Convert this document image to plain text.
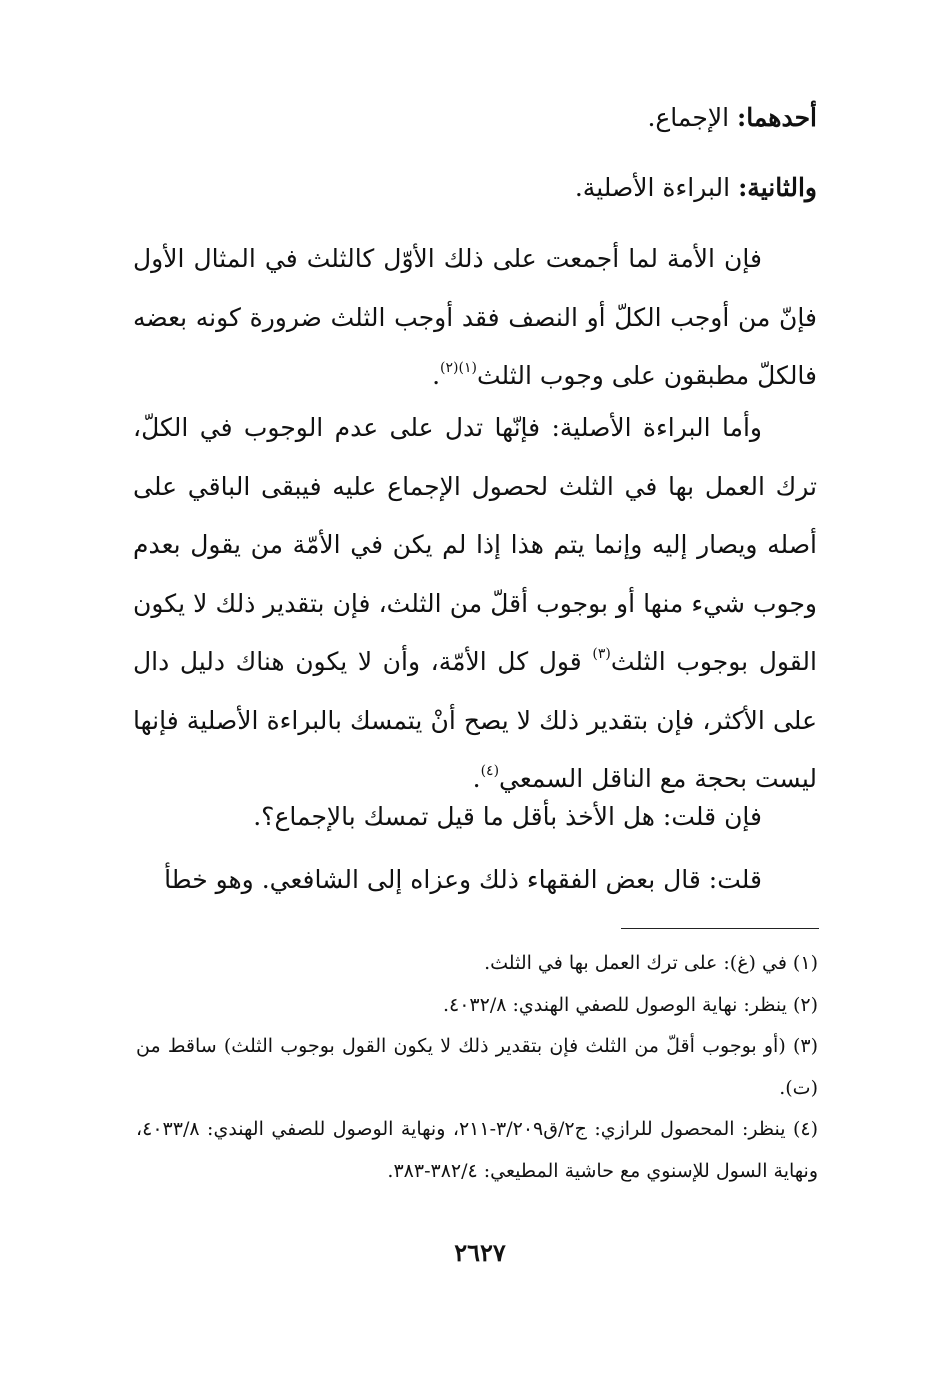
أحدهما: الإجماع.
والثانية: البراءة الأصلية.

فإن الأمة لما أجمعت على ذلك الأوّل كالثلث في المثال الأول فإنّ من أوجب الكلّ أو النصف فقد أوجب الثلث ضرورة كونه بعضه فالكلّ مطبقون على وجوب الثلث$^{(١)(٢)}$.

وأما البراءة الأصلية: فإنّها تدل على عدم الوجوب في الكلّ، ترك العمل بها في الثلث لحصول الإجماع عليه فيبقى الباقي على أصله ويصار إليه وإنما يتم هذا إذا لم يكن في الأمّة من يقول بعدم وجوب شيء منها أو بوجوب أقلّ من الثلث، فإن بتقدير ذلك لا يكون القول بوجوب الثلث$^{(٣)}$ قول كل الأمّة، وأن لا يكون هناك دليل دال على الأكثر، فإن بتقدير ذلك لا يصح أنْ يتمسك بالبراءة الأصلية فإنها ليست بحجة مع الناقل السمعي$^{(٤)}$.

فإن قلت: هل الأخذ بأقل ما قيل تمسك بالإجماع؟.

قلت: قال بعض الفقهاء ذلك وعزاه إلى الشافعي. وهو خطأ

(١) في (غ): على ترك العمل بها في الثلث.

(٢) ينظر: نهاية الوصول للصفي الهندي: ٤٠٣٢/٨.

(٣) (أو بوجوب أقلّ من الثلث فإن بتقدير ذلك لا يكون القول بوجوب الثلث) ساقط من (ت).

(٤) ينظر: المحصول للرازي: ج٢/ق٣/٢٠٩-٢١١، ونهاية الوصول للصفي الهندي: ٤٠٣٣/٨، ونهاية السول للإسنوي مع حاشية المطيعي: ٣٨٢/٤-٣٨٣.

٢٦٢٧
